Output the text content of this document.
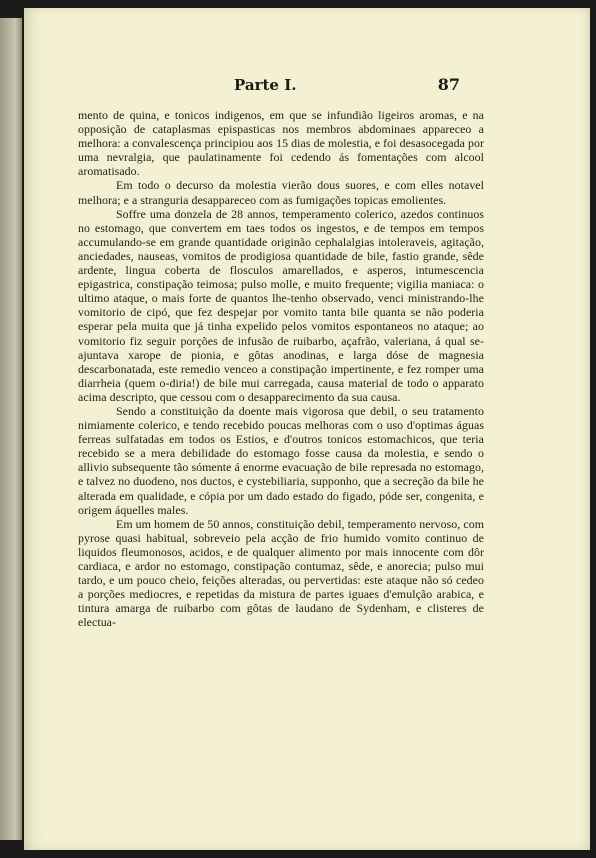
Parte I.	87

mento de quina, e tonicos indigenos, em que se infundião ligeiros aromas, e na opposição de cataplasmas epispasticas nos membros abdominaes appareceo a melhora: a convalescença principiou aos 15 dias de molestia, e foi desasocegada por uma nevralgia, que paulatinamente foi cedendo ás fomentações com alcool aromatisado.

Em todo o decurso da molestia vierão dous suores, e com elles notavel melhora; e a stranguria desappareceo com as fumigações topicas emolientes.

Soffre uma donzela de 28 annos, temperamento colerico, azedos continuos no estomago, que convertem em taes todos os ingestos, e de tempos em tempos accumulando-se em grande quantidade originão cephalalgias intoleraveis, agitação, anciedades, nauseas, vomitos de prodigiosa quantidade de bile, fastio grande, sêde ardente, lingua coberta de flosculos amarellados, e asperos, intumescencia epigastrica, constipação teimosa; pulso molle, e muito frequente; vigilia maniaca: o ultimo ataque, o mais forte de quantos lhe-tenho observado, venci ministrando-lhe vomitorio de cipó, que fez despejar por vomito tanta bile quanta se não poderia esperar pela muita que já tinha expelido pelos vomitos espontaneos no ataque; ao vomitorio fiz seguir porções de infusão de ruibarbo, açafrão, valeriana, á qual se-ajuntava xarope de pionia, e gôtas anodinas, e larga dóse de magnesia descarbonatada, este remedio venceo a constipação impertinente, e fez romper uma diarrheia (quem o-diria!) de bile mui carregada, causa material de todo o apparato acima descripto, que cessou com o desapparecimento da sua causa.

Sendo a constituição da doente mais vigorosa que debil, o seu tratamento nimiamente colerico, e tendo recebido poucas melhoras com o uso d'optimas águas ferreas sulfatadas em todos os Estios, e d'outros tonicos estomachicos, que teria recebido se a mera debilidade do estomago fosse causa da molestia, e sendo o allivio subsequente tão sómente á enorme evacuação de bile represada no estomago, e talvez no duodeno, nos ductos, e cystebiliaria, supponho, que a secreção da bile he alterada em qualidade, e cópia por um dado estado do figado, póde ser, congenita, e origem áquelles males.

Em um homem de 50 annos, constituição debil, temperamento nervoso, com pyrose quasi habitual, sobreveio pela acção de frio humido vomito continuo de liquidos fleumonosos, acidos, e de qualquer alimento por mais innocente com dôr cardiaca, e ardor no estomago, constipação contumaz, sêde, e anorecia; pulso mui tardo, e um pouco cheio, feições alteradas, ou pervertidas: este ataque não só cedeo a porções mediocres, e repetidas da mistura de partes iguaes d'emulção arabica, e tintura amarga de ruibarbo com gôtas de laudano de Sydenham, e clisteres de electua-
